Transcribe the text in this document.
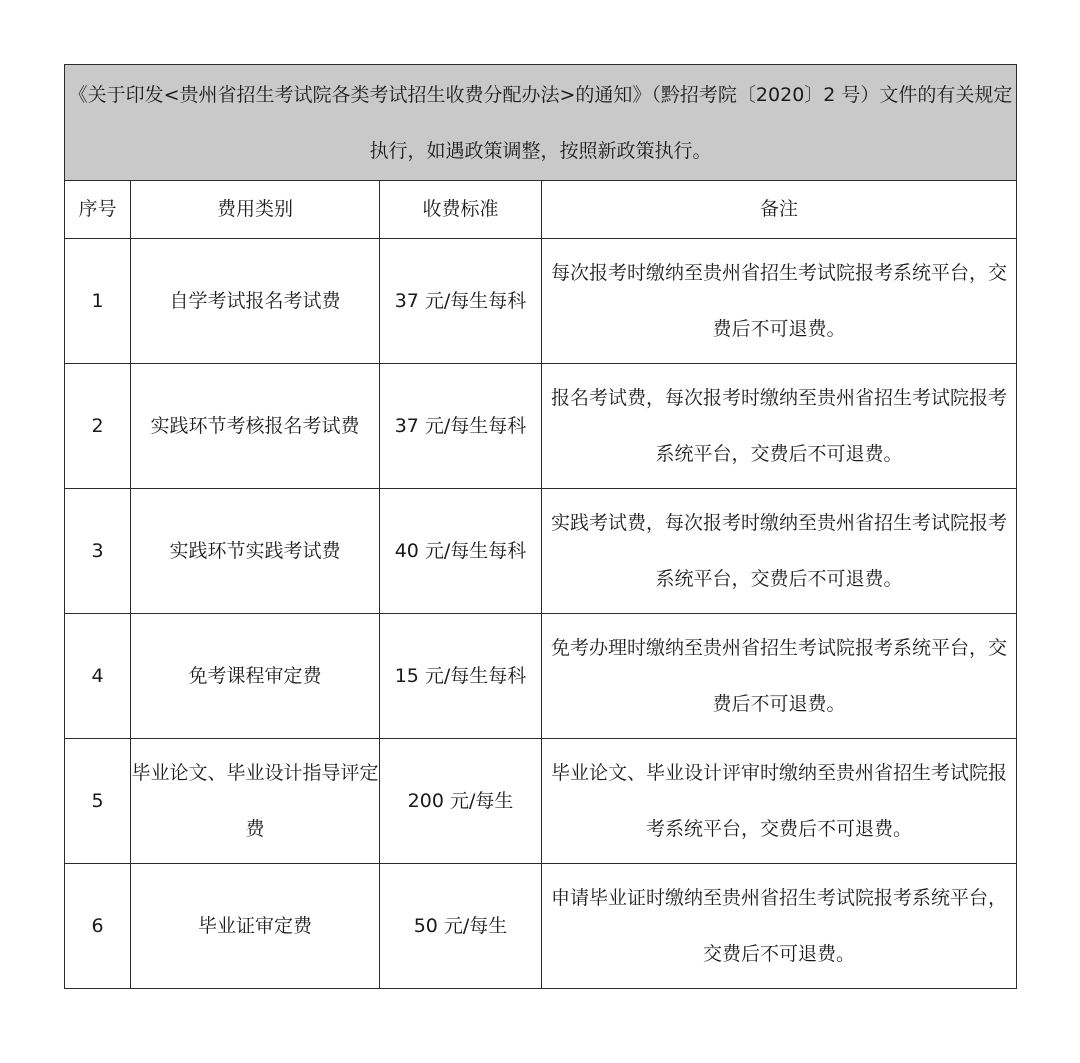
《关于印发<贵州省招生考试院各类考试招生收费分配办法>的通知》（黔招考院〔2020〕2 号）文件的有关规定执行，如遇政策调整，按照新政策执行。			
序号	费用类别	收费标准	备注
1	自学考试报名考试费	37 元/每生每科	每次报考时缴纳至贵州省招生考试院报考系统平台，交费后不可退费。

2	实践环节考核报名考试费	37 元/每生每科	报名考试费，每次报考时缴纳至贵州省招生考试院报考系统平台，交费后不可退费。

3	实践环节实践考试费	40 元/每生每科	实践考试费，每次报考时缴纳至贵州省招生考试院报考系统平台，交费后不可退费。

4	免考课程审定费	15 元/每生每科	免考办理时缴纳至贵州省招生考试院报考系统平台，交费后不可退费。

5	毕业论文、毕业设计指导评定费	200 元/每生	毕业论文、毕业设计评审时缴纳至贵州省招生考试院报考系统平台，交费后不可退费。

6	毕业证审定费	50 元/每生	申请毕业证时缴纳至贵州省招生考试院报考系统平台，交费后不可退费。
